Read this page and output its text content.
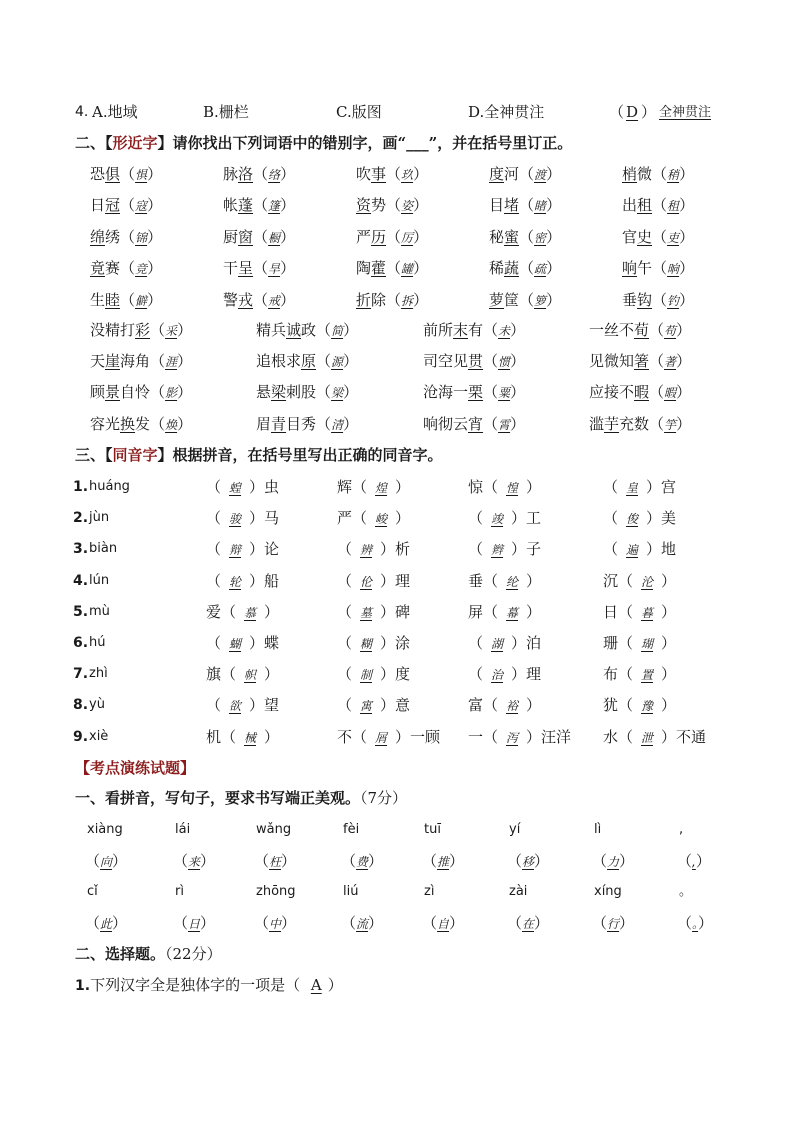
4. A.地域	B.栅栏	C.版图	D.全神贯注	（ D ） 全神贯注
二、【形近字】请你找出下列词语中的错别字，画“___”，并在括号里订正。
恐俱（惧）	脉洛（络）	吹事（玖）	度河（渡）	梢微（稍）
日冠（寇）	帐蓬（篷）	资势（姿）	目堵（睹）	出租（租）
绵绣（锦）	厨窗（橱）	严历（厉）	秘蜜（密）	官史（吏）
竟赛（竞）	干呈（旱）	陶藿（罐）	稀蔬（疏）	响午（晌）
生睦（僻）	警戎（戒）	折除（拆）	萝筐（箩）	垂钩（钓）
没精打彩（采）	精兵诚政（简）	前所末有（未）	一丝不荀（苟）
天崖海角（涯）	追根求原（源）	司空见贯（惯）	见微知箸（著）
顾景自怜（影）	悬梁刺股（梁）	沧海一栗（粟）	应接不暇（暇）
容光换发（焕）	眉青目秀（清）	响彻云宵（霄）	滥芋充数（竽）
三、【同音字】根据拼音，在括号里写出正确的同音字。
1. huáng	（ 蝗 ）虫	辉（ 煌 ）	惊（ 惶 ）	（ 皇 ）宫
2. jùn	（ 骏 ）马	严（ 峻 ）	（ 竣 ）工	（ 俊 ）美
3. biàn	（ 辩 ）论	（ 辨 ）析	（ 辫 ）子	（ 遍 ）地
4. lún	（ 轮 ）船	（ 伦 ）理	垂（ 纶 ）	沉（ 沦 ）
5. mù	爱（ 慕 ）	（ 墓 ）碑	屏（ 幕 ）	日（ 暮 ）
6. hú	（ 蝴 ）蝶	（ 糊 ）涂	（ 湖 ）泊	珊（ 瑚 ）
7. zhì	旗（ 帜 ）	（ 制 ）度	（ 治 ）理	布（ 置 ）
8. yù	（ 欲 ）望	（ 寓 ）意	富（ 裕 ）	犹（ 豫 ）
9. xiè	机（ 械 ）	不（ 屑 ）一顾 一（ 泻 ）汪洋 水（ 泄 ）不通
【考点演练试题】
一、看拼音，写句子，要求书写端正美观。（7分）
xiàng	lái	wǎng	fèi	tuī	yí	lì	,
（向）	（来）	（枉）	（费）	（推）	（移）	（力）	（,）
cǐ	rì	zhōng	liú	zì	zài	xíng	。
（此）	（日）	（中）	（流）	（自）	（在）	（行）	（。）
二、选择题。（22分）
1.下列汉字全是独体字的一项是（ A ）
